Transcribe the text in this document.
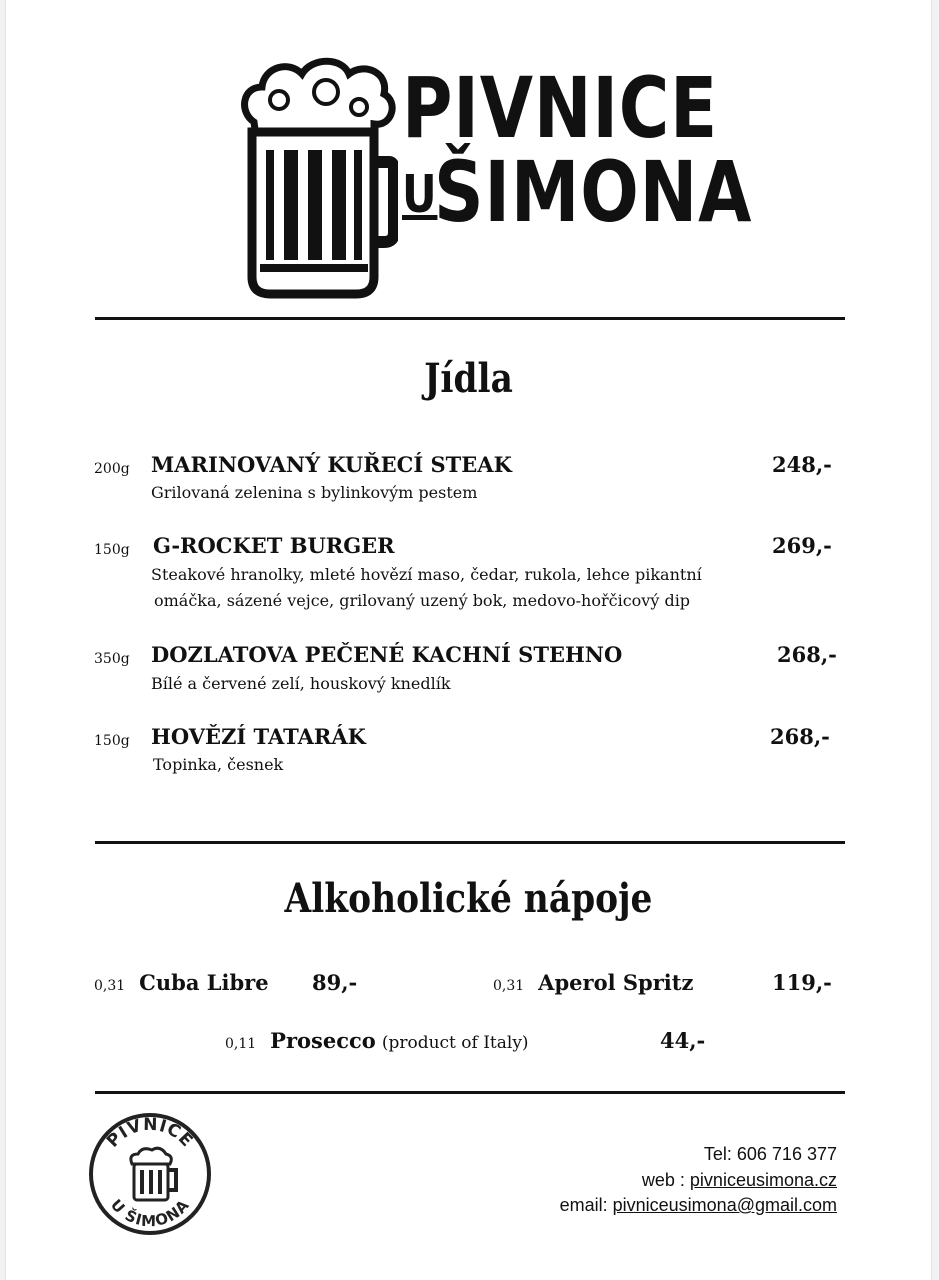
PIVNICE
U
ŠIMONA
Jídla
200g MARINOVANÝ KUŘECÍ STEAK	248,-
Grilovaná zelenina s bylinkovým pestem
150g G-ROCKET BURGER	269,-
Steakové hranolky, mleté hovězí maso, čedar, rukola, lehce pikantní
omáčka, sázené vejce, grilovaný uzený bok, medovo-hořčicový dip
350g DOZLATOVA PEČENÉ KACHNÍ STEHNO	268,-
Bílé a červené zelí, houskový knedlík
150g HOVĚZÍ TATARÁK	268,-
Topinka, česnek
Alkoholické nápoje
0,31 Cuba Libre 89,-	0,31 Aperol Spritz	119,-
0,11 Prosecco (product of Italy)	44,-
PIVNICE
U ŠIMONA
Tel: 606 716 377
web : pivniceusimona.cz
email: pivniceusimona@gmail.com
